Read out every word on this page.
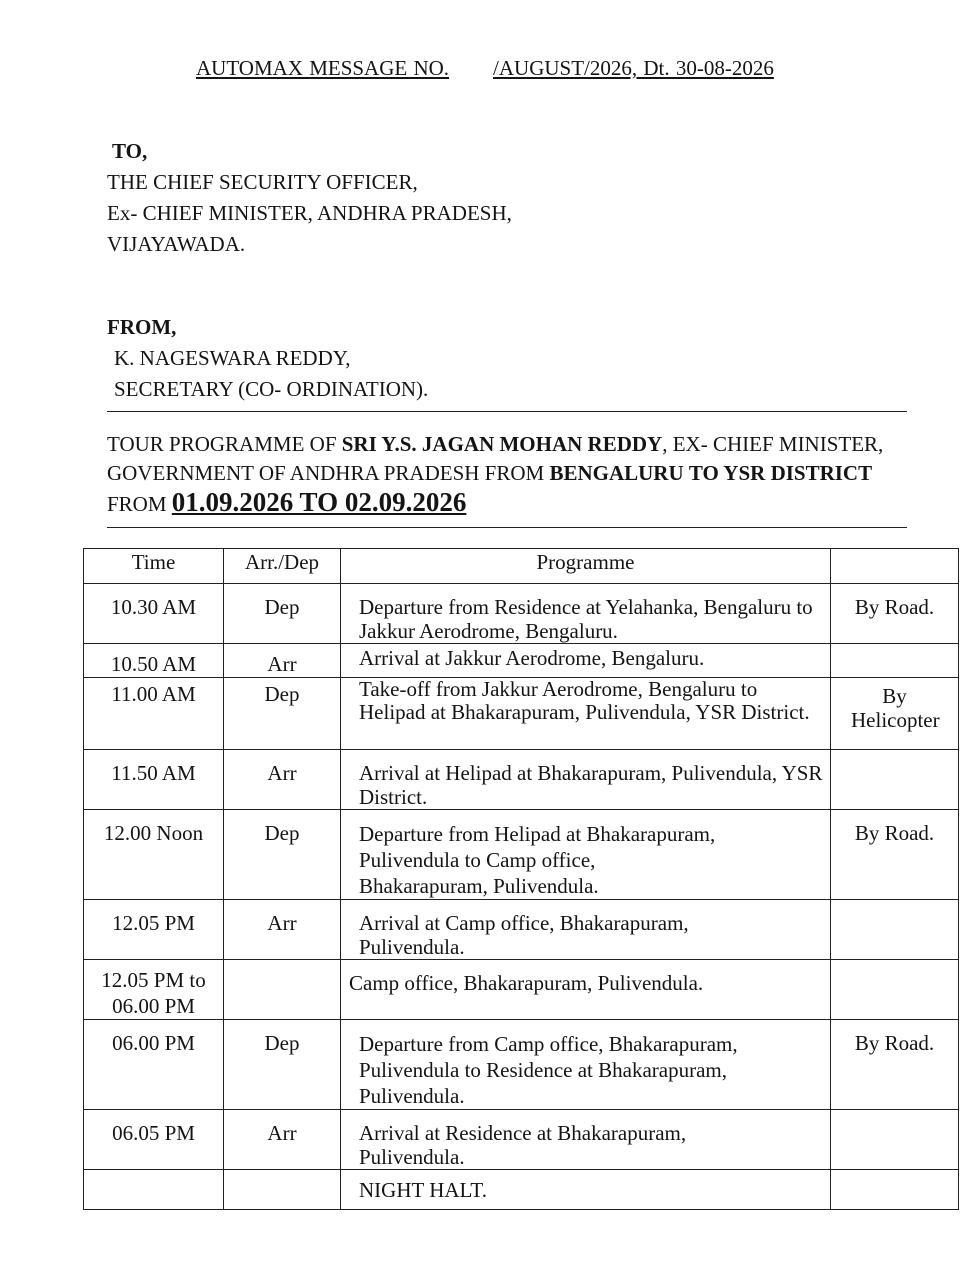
AUTOMAX MESSAGE NO. /AUGUST/2026, Dt. 30-08-2026
TO,
THE CHIEF SECURITY OFFICER,
Ex- CHIEF MINISTER, ANDHRA PRADESH,
VIJAYAWADA.
FROM,
K. NAGESWARA REDDY,
SECRETARY (CO- ORDINATION).
TOUR PROGRAMME OF SRI Y.S. JAGAN MOHAN REDDY, EX- CHIEF MINISTER, GOVERNMENT OF ANDHRA PRADESH FROM BENGALURU TO YSR DISTRICT FROM 01.09.2026 TO 02.09.2026
Time	Arr./Dep	Programme	

10.30 AM	Dep	Departure from Residence at Yelahanka, Bengaluru to Jakkur Aerodrome, Bengaluru.	By Road.

10.50 AM	Arr	Arrival at Jakkur Aerodrome, Bengaluru.	

11.00 AM	Dep	Take-off from Jakkur Aerodrome, Bengaluru to Helipad at Bhakarapuram, Pulivendula, YSR District.	By Helicopter

11.50 AM	Arr	Arrival at Helipad at Bhakarapuram, Pulivendula, YSR District.	

12.00 Noon	Dep	Departure from Helipad at Bhakarapuram, Pulivendula to Camp office, Bhakarapuram, Pulivendula.	By Road.

12.05 PM	Arr	Arrival at Camp office, Bhakarapuram, Pulivendula.	

12.05 PM to 06.00 PM		Camp office, Bhakarapuram, Pulivendula.	

06.00 PM	Dep	Departure from Camp office, Bhakarapuram, Pulivendula to Residence at Bhakarapuram, Pulivendula.	By Road.

06.05 PM	Arr	Arrival at Residence at Bhakarapuram, Pulivendula.	

		NIGHT HALT.	
